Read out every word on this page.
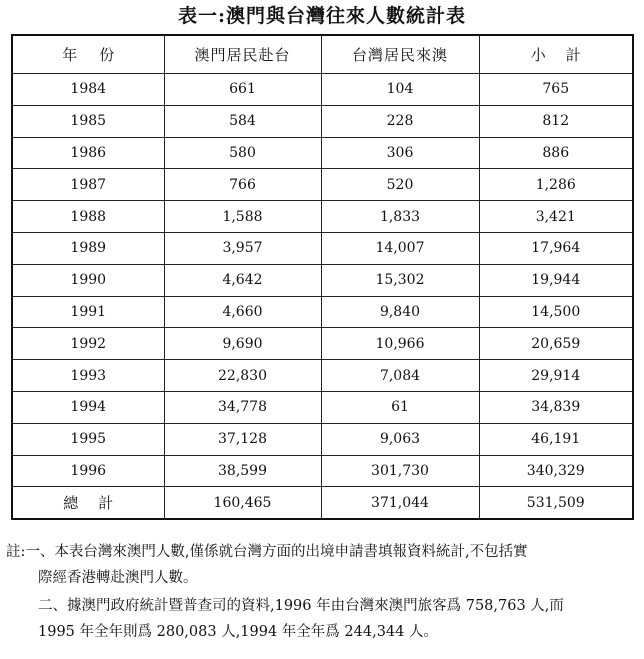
表一:澳門與台灣往來人數統計表
年份	澳門居民赴台	台灣居民來澳	小計
1984	661	104	765
1985	584	228	812
1986	580	306	886
1987	766	520	1,286
1988	1,588	1,833	3,421
1989	3,957	14,007	17,964
1990	4,642	15,302	19,944
1991	4,660	9,840	14,500
1992	9,690	10,966	20,659
1993	22,830	7,084	29,914
1994	34,778	61	34,839
1995	37,128	9,063	46,191
1996	38,599	301,730	340,329
總計	160,465	371,044	531,509
註:一、本表台灣來澳門人數,僅係就台灣方面的出境申請書填報資料統計,不包括實
際經香港轉赴澳門人數。
二、據澳門政府統計暨普查司的資料,1996 年由台灣來澳門旅客爲 758,763 人,而
1995 年全年則爲 280,083 人,1994 年全年爲 244,344 人。
